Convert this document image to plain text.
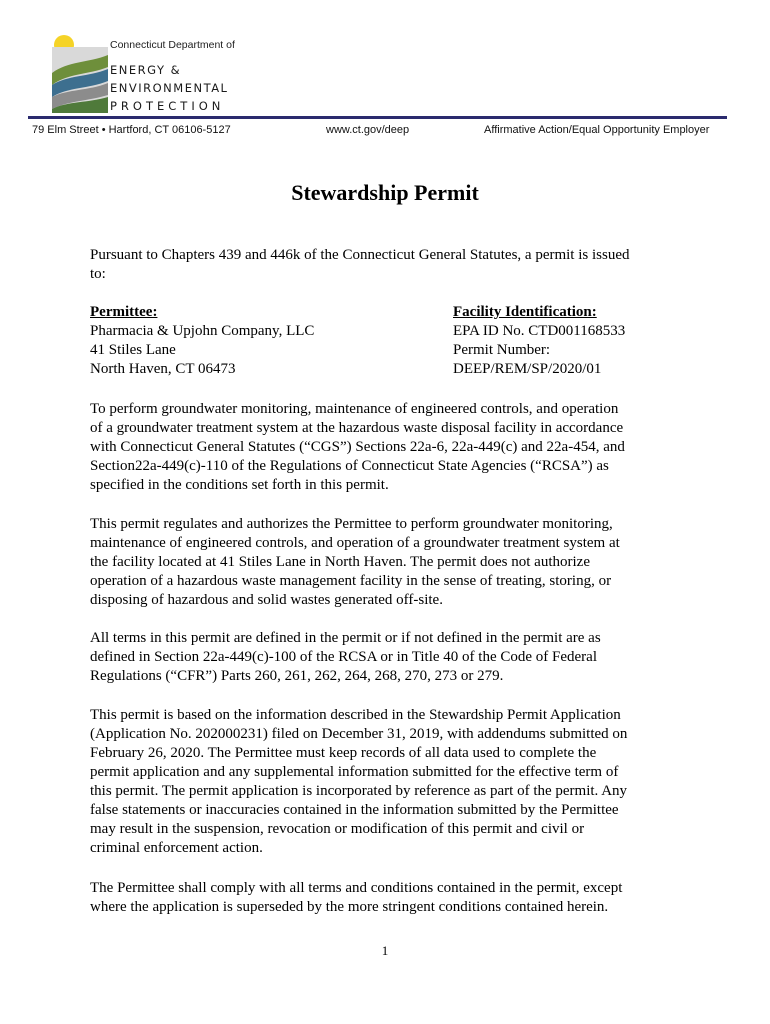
Connecticut Department of
ENERGY &
ENVIRONMENTAL
PROTECTION
79 Elm Street • Hartford, CT 06106-5127	www.ct.gov/deep	Affirmative Action/Equal Opportunity Employer
Stewardship Permit

Pursuant to Chapters 439 and 446k of the Connecticut General Statutes, a permit is issued
to:

Permittee:
Pharmacia & Upjohn Company, LLC
41 Stiles Lane
North Haven, CT 06473
Facility Identification:
EPA ID No. CTD001168533
Permit Number:
DEEP/REM/SP/2020/01

To perform groundwater monitoring, maintenance of engineered controls, and operation
of a groundwater treatment system at the hazardous waste disposal facility in accordance
with Connecticut General Statutes (“CGS”) Sections 22a-6, 22a-449(c) and 22a-454, and
Section22a-449(c)-110 of the Regulations of Connecticut State Agencies (“RCSA”) as
specified in the conditions set forth in this permit.

This permit regulates and authorizes the Permittee to perform groundwater monitoring,
maintenance of engineered controls, and operation of a groundwater treatment system at
the facility located at 41 Stiles Lane in North Haven. The permit does not authorize
operation of a hazardous waste management facility in the sense of treating, storing, or
disposing of hazardous and solid wastes generated off-site.

All terms in this permit are defined in the permit or if not defined in the permit are as
defined in Section 22a-449(c)-100 of the RCSA or in Title 40 of the Code of Federal
Regulations (“CFR”) Parts 260, 261, 262, 264, 268, 270, 273 or 279.

This permit is based on the information described in the Stewardship Permit Application
(Application No. 202000231) filed on December 31, 2019, with addendums submitted on
February 26, 2020. The Permittee must keep records of all data used to complete the
permit application and any supplemental information submitted for the effective term of
this permit. The permit application is incorporated by reference as part of the permit. Any
false statements or inaccuracies contained in the information submitted by the Permittee
may result in the suspension, revocation or modification of this permit and civil or
criminal enforcement action.

The Permittee shall comply with all terms and conditions contained in the permit, except
where the application is superseded by the more stringent conditions contained herein.

1
